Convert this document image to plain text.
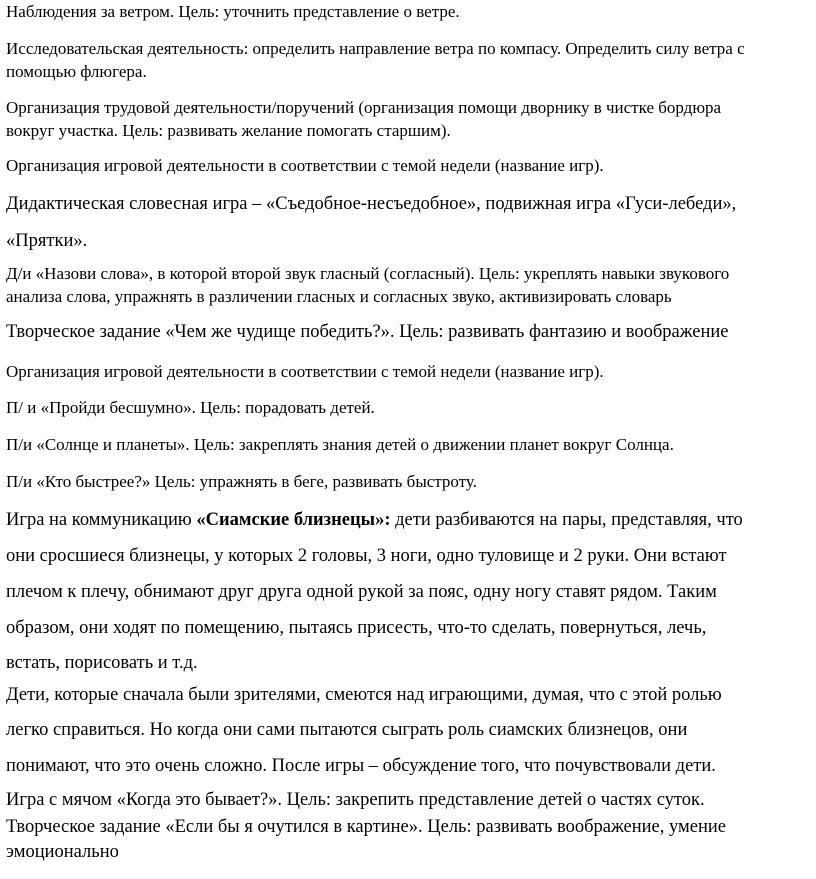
Наблюдения за ветром. Цель: уточнить представление о ветре.

Исследовательская деятельность: определить направление ветра по компасу. Определить силу ветра с

помощью флюгера.

Организация трудовой деятельности/поручений (организация помощи дворнику в чистке бордюра

вокруг участка. Цель: развивать желание помогать старшим).

Организация игровой деятельности в соответствии с темой недели (название игр).

Дидактическая словесная игра – «Съедобное-несъедобное», подвижная игра «Гуси-лебеди»,

«Прятки».

Д/и «Назови слова», в которой второй звук гласный (согласный). Цель: укреплять навыки звукового

анализа слова, упражнять в различении гласных и согласных звуко, активизировать словарь

Творческое задание «Чем же чудище победить?». Цель: развивать фантазию и воображение

Организация игровой деятельности в соответствии с темой недели (название игр).

П/ и «Пройди бесшумно». Цель: порадовать детей.

П/и «Солнце и планеты». Цель: закреплять знания детей о движении планет вокруг Солнца.

П/и «Кто быстрее?» Цель: упражнять в беге, развивать быстроту.

Игра на коммуникацию «Сиамские близнецы»: дети разбиваются на пары, представляя, что

они сросшиеся близнецы, у которых 2 головы, 3 ноги, одно туловище и 2 руки. Они встают

плечом к плечу, обнимают друг друга одной рукой за пояс, одну ногу ставят рядом. Таким

образом, они ходят по помещению, пытаясь присесть, что-то сделать, повернуться, лечь,

встать, порисовать и т.д.

Дети, которые сначала были зрителями, смеются над играющими, думая, что с этой ролью

легко справиться. Но когда они сами пытаются сыграть роль сиамских близнецов, они

понимают, что это очень сложно. После игры – обсуждение того, что почувствовали дети.

Игра с мячом «Когда это бывает?». Цель: закрепить представление детей о частях суток.

Творческое задание «Если бы я очутился в картине». Цель: развивать воображение, умение

эмоционально
